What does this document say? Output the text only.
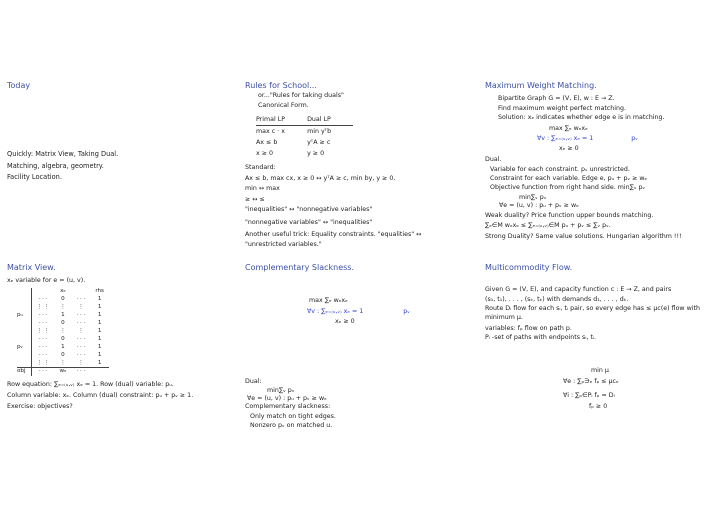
Today

Quickly: Matrix View, Taking Dual.

Matching, algebra, geometry.

Facility Location.

Rules for School...

or..."Rules for taking duals"

Canonical Form.

Primal LP	Dual LP
max c · x	min yᵀb
Ax ≤ b	yᵀA ≥ c
x ≥ 0	y ≥ 0

Standard:

Ax ≤ b, max cx, x ≥ 0 ↔ yᵀA ≥ c, min by, y ≥ 0.

min ↔ max

≥ ↔ ≤

"inequalities" ↔ "nonnegative variables"

"nonnegative variables" ↔ "inequalities"

Another useful trick: Equality constraints. "equalities" ↔

"unrestricted variables."

Maximum Weight Matching.

Bipartite Graph G = (V, E), w : E → Z.

Find maximum weight perfect matching.

Solution: xₑ indicates whether edge e is in matching.

max ∑ₑ wₑxₑ

∀v : ∑ₑ₌₍ᵤ,ᵥ₎ xₑ = 1	pᵥ

xₑ ≥ 0

Dual.

Variable for each constraint. pᵥ unrestricted.

Constraint for each variable. Edge e, pᵤ + pᵥ ≥ wₑ

Objective function from right hand side. min∑ᵥ pᵥ

min∑ᵥ pᵥ

∀e = (u, v) : pᵤ + pᵥ ≥ wₑ

Weak duality? Price function upper bounds matching.

∑ₑ∈M wₑxₑ ≤ ∑ₑ₌₍ᵤ,ᵥ₎∈M pᵤ + pᵥ ≤ ∑ᵥ pᵥ.

Strong Duality? Same value solutions. Hungarian algorithm !!!

Matrix View.

xₑ variable for e = (u, v).

		xₑ		rhs
	· · ·	0	· · ·	1
	⋮ ⋮	⋮	⋮	1
pᵤ	· · ·	1	· · ·	1
	· · ·	0	· · ·	1
	⋮ ⋮	⋮	⋮	1
	· · ·	0	· · ·	1
pᵥ	· · ·	1	· · ·	1
	· · ·	0	· · ·	1
	⋮ ⋮	⋮	⋮	1
obj	· · ·	wₑ	· · ·	

Row equation: ∑ₑ₌₍ᵤ,ᵥ₎ xₑ = 1. Row (dual) variable: pᵤ.

Column variable: xₑ. Column (dual) constraint: pᵤ + pᵥ ≥ 1.

Exercise: objectives?

Complementary Slackness.

max ∑ₑ wₑxₑ

∀v : ∑ₑ₌₍ᵤ,ᵥ₎ xₑ = 1	pᵥ

xₑ ≥ 0

Dual:

min∑ᵥ pᵥ

∀e = (u, v) : pᵤ + pᵥ ≥ wₑ

Complementary slackness:

Only match on tight edges.

Nonzero pᵥ on matched u.

Multicommodity Flow.

Given G = (V, E), and capacity function c : E → Z, and pairs

(s₁, t₁), . . . , (sₖ, tₖ) with demands d₁, . . . , dₖ.

Route Dᵢ flow for each sᵢ, tᵢ pair, so every edge has ≤ μc(e) flow with

minimum μ.

variables: fₚ flow on path p.

Pᵢ -set of paths with endpoints sᵢ, tᵢ.

min μ

∀e : ∑ₚ∋ₑ fₚ ≤ μcₑ

∀i : ∑ₚ∈Pᵢ fₚ = Dᵢ

fₚ ≥ 0
